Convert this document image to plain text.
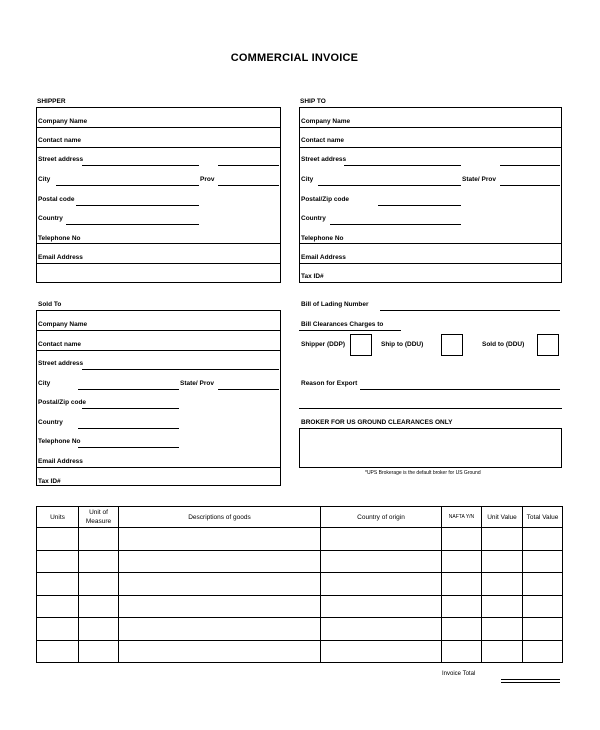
COMMERCIAL INVOICE
SHIPPER
Company Name
Contact name
Street address
City	Prov
Postal code
Country
Telephone No
Email Address
SHIP TO
Company Name
Contact name
Street address
City	State/ Prov
Postal/Zip code
Country
Telephone No
Email Address
Tax ID#
Sold To
Company Name
Contact name
Street address
City	State/ Prov
Postal/Zip code
Country
Telephone No
Email Address
Tax ID#
Bill of Lading Number
Bill Clearances Charges to
Shipper (DDP)	Ship to (DDU)	Sold to (DDU)
Reason for Export
BROKER FOR US GROUND CLEARANCES ONLY
*UPS Brokerage is the default broker for US Ground
Units	Unit of Measure	Descriptions of goods	Country of origin	NAFTA Y/N	Unit Value	Total Value

Invoice Total
